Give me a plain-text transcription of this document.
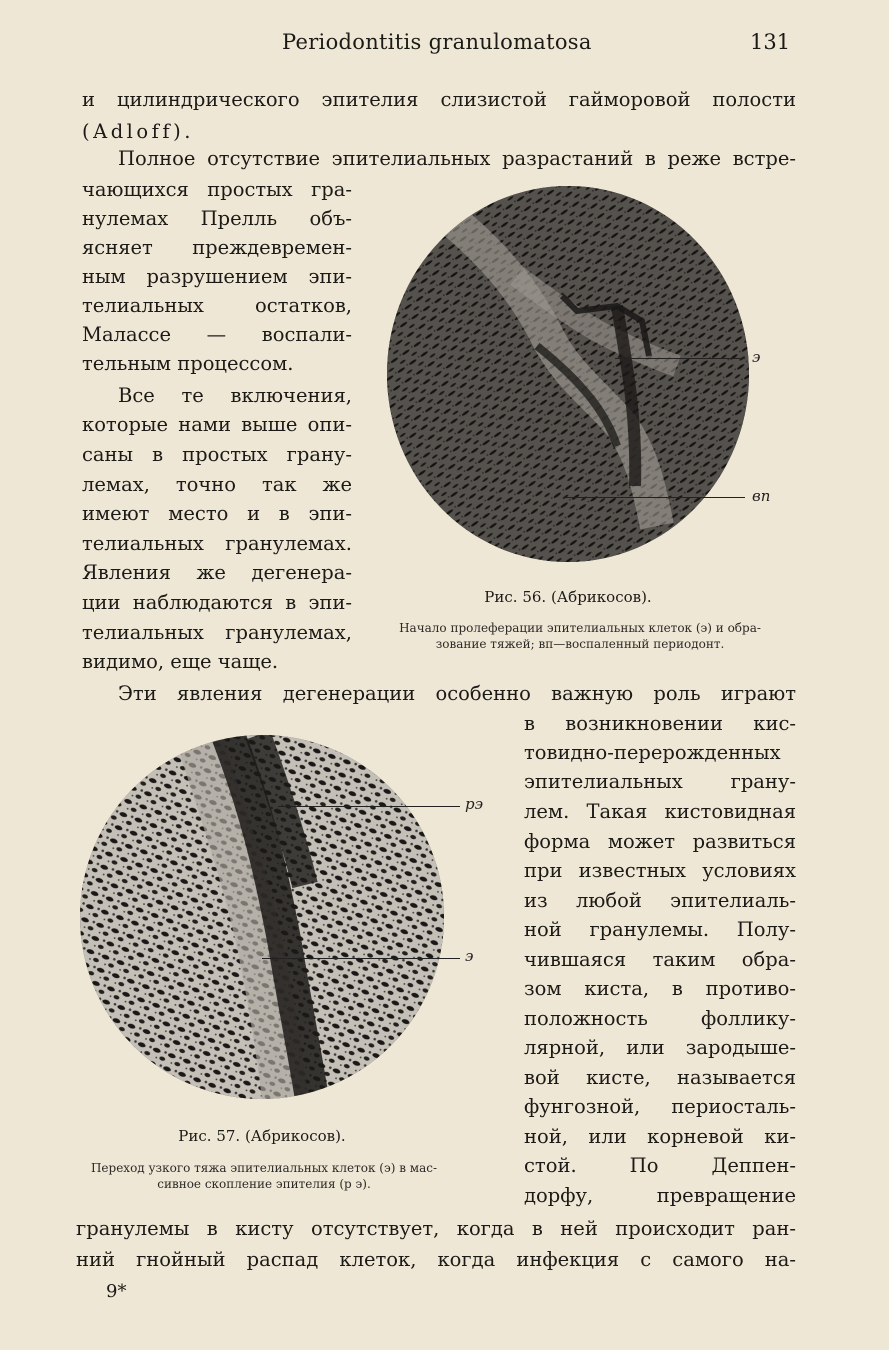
Periodontitis granulomatosa	131
и цилиндрического эпителия слизистой гайморовой полости
(Adloff).
Полное отсутствие эпителиальных разрастаний в реже встре-
чающихся простых гра-
нулемах Прелль объ-
ясняет преждевремен-
ным разрушением эпи-
телиальных остатков,
Малассе — воспали-
тельным процессом.
Все те включения,
которые нами выше опи-
саны в простых грану-
лемах, точно так же
имеют место и в эпи-
телиальных гранулемах.
Явления же дегенера-
ции наблюдаются в эпи-
телиальных гранулемах,
видимо, еще чаще.
э
вп
Рис. 56. (Абрикосов).
Начало пролеферации эпителиальных клеток (э) и обра-
зование тяжей; вп—воспаленный периодонт.
Эти явления дегенерации особенно важную роль играют
в возникновении кис-
товидно-перерожденных
эпителиальных грану-
лем. Такая кистовидная
форма может развиться
при известных условиях
из любой эпителиаль-
ной гранулемы. Полу-
чившаяся таким обра-
зом киста, в противо-
положность фоллику-
лярной, или зародыше-
вой кисте, называется
фунгозной, периосталь-
ной, или корневой ки-
стой. По Деппен-
дорфу, превращение
гранулемы в кисту отсутствует, когда в ней происходит ран-
ний гнойный распад клеток, когда инфекция с самого на-
рэ
э
Рис. 57. (Абрикосов).
Переход узкого тяжа эпителиальных клеток (э) в мас-
сивное скопление эпителия (р э).
9*
